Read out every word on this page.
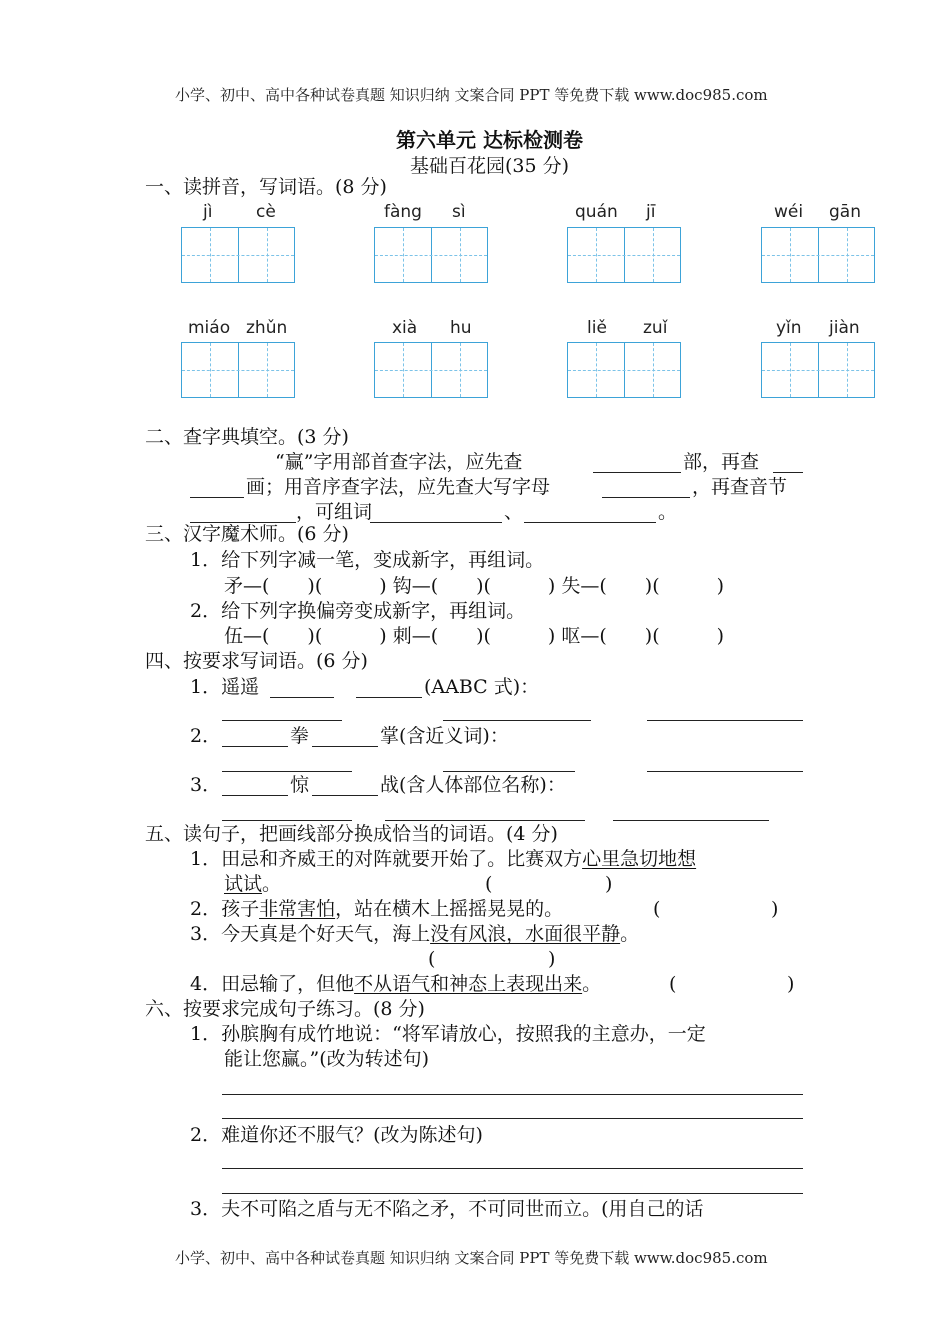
小学、初中、高中各种试卷真题 知识归纳 文案合同 PPT 等免费下载 www.doc985.com
第六单元 达标检测卷
基础百花园(35 分)
一、读拼音，写词语。(8 分)
jì	cè	fàng sì	quán jī	wéi gān
miáo zhǔn	xià hu	liě zuǐ	yǐn jiàn
二、查字典填空。(3 分)
“赢”字用部首查字法，应先查	部，再查
画；用音序查字法，应先查大写字母	，再查音节
，可组词	、	。
三、汉字魔术师。(6 分)
1．给下列字减一笔，变成新字，再组词。
矛—(　　)(　　　) 钩—(　　)(　　　) 失—(　　)(　　　)
2．给下列字换偏旁变成新字，再组词。
伍—(　　)(　　　) 刺—(　　)(　　　) 呕—(　　)(　　　)
四、按要求写词语。(6 分)
1．遥遥	(AABC 式)：
2．	拳	掌(含近义词)：
3．	惊	战(含人体部位名称)：
五、读句子，把画线部分换成恰当的词语。(4 分)
1．田忌和齐威王的对阵就要开始了。比赛双方心里急切地想
试试。	(	)
2．孩子非常害怕，站在横木上摇摇晃晃的。	(	)
3．今天真是个好天气，海上没有风浪，水面很平静。
(	)
4．田忌输了，但他不从语气和神态上表现出来。	(	)
六、按要求完成句子练习。(8 分)
1．孙膑胸有成竹地说：“将军请放心，按照我的主意办，一定
能让您赢。”(改为转述句)
2．难道你还不服气？(改为陈述句)
3．夫不可陷之盾与无不陷之矛，不可同世而立。(用自己的话
小学、初中、高中各种试卷真题 知识归纳 文案合同 PPT 等免费下载 www.doc985.com
